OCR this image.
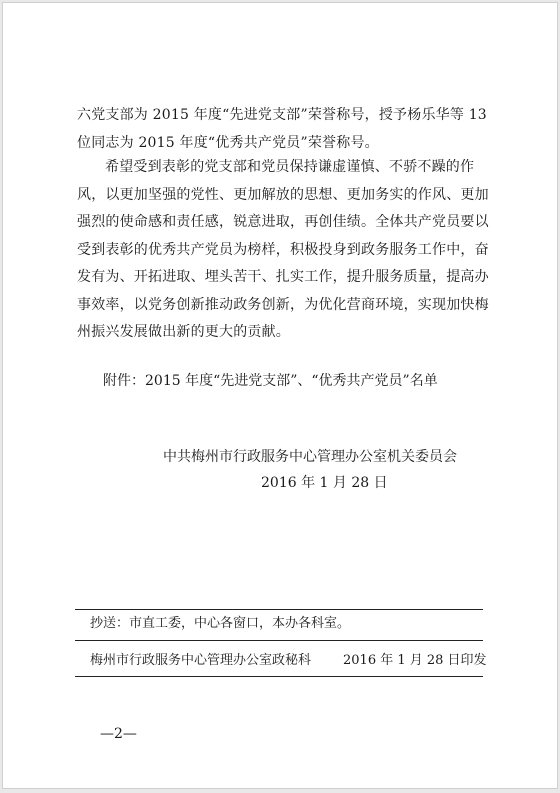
六党支部为 2015 年度“先进党支部”荣誉称号，授予杨乐华等 13 位同志为 2015 年度“优秀共产党员”荣誉称号。

希望受到表彰的党支部和党员保持谦虚谨慎、不骄不躁的作风，以更加坚强的党性、更加解放的思想、更加务实的作风、更加强烈的使命感和责任感，锐意进取，再创佳绩。全体共产党员要以受到表彰的优秀共产党员为榜样，积极投身到政务服务工作中，奋发有为、开拓进取、埋头苦干、扎实工作，提升服务质量，提高办事效率，以党务创新推动政务创新，为优化营商环境，实现加快梅州振兴发展做出新的更大的贡献。

附件：2015 年度“先进党支部”、“优秀共产党员”名单

中共梅州市行政服务中心管理办公室机关委员会

2016 年 1 月 28 日

抄送：市直工委，中心各窗口，本办各科室。

梅州市行政服务中心管理办公室政秘科 2016 年 1 月 28 日印发

—2—
